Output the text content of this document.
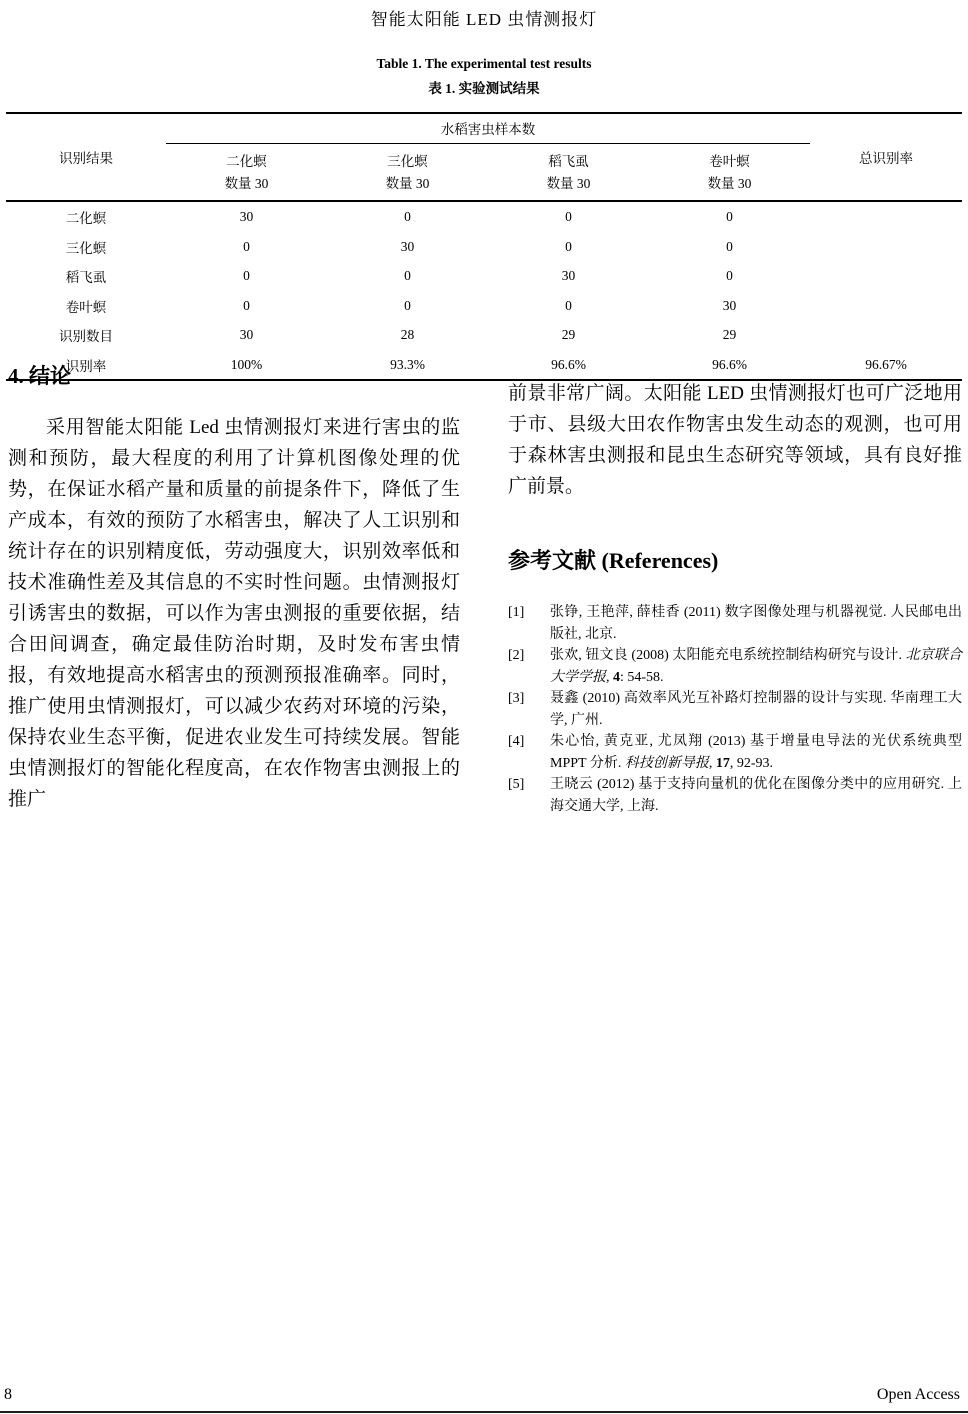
智能太阳能 LED 虫情测报灯
Table 1. The experimental test results
表 1. 实验测试结果
识别结果	水稻害虫样本数				总识别率
	二化螟	三化螟	稻飞虱	卷叶螟	
	数量 30	数量 30	数量 30	数量 30	
二化螟	30	0	0	0	
三化螟	0	30	0	0	
稻飞虱	0	0	30	0	
卷叶螟	0	0	0	30	
识别数目	30	28	29	29	
识别率	100%	93.3%	96.6%	96.6%	96.67%
4. 结论
采用智能太阳能 Led 虫情测报灯来进行害虫的监测和预防，最大程度的利用了计算机图像处理的优势，在保证水稻产量和质量的前提条件下，降低了生产成本，有效的预防了水稻害虫，解决了人工识别和统计存在的识别精度低，劳动强度大，识别效率低和技术准确性差及其信息的不实时性问题。虫情测报灯引诱害虫的数据，可以作为害虫测报的重要依据，结合田间调查，确定最佳防治时期，及时发布害虫情报，有效地提高水稻害虫的预测预报准确率。同时，推广使用虫情测报灯，可以减少农药对环境的污染，保持农业生态平衡，促进农业发生可持续发展。智能虫情测报灯的智能化程度高，在农作物害虫测报上的推广
前景非常广阔。太阳能 LED 虫情测报灯也可广泛地用于市、县级大田农作物害虫发生动态的观测，也可用于森林害虫测报和昆虫生态研究等领域，具有良好推广前景。
参考文献 (References)
[1]	张铮, 王艳萍, 薛桂香 (2011) 数字图像处理与机器视觉. 人民邮电出版社, 北京.
[2]	张欢, 钮文良 (2008) 太阳能充电系统控制结构研究与设计. 北京联合大学学报, 4: 54-58.
[3]	聂鑫 (2010) 高效率风光互补路灯控制器的设计与实现. 华南理工大学, 广州.
[4]	朱心怡, 黄克亚, 尤凤翔 (2013) 基于增量电导法的光伏系统典型 MPPT 分析. 科技创新导报, 17, 92-93.
[5]	王晓云 (2012) 基于支持向量机的优化在图像分类中的应用研究. 上海交通大学, 上海.
8	Open Access
